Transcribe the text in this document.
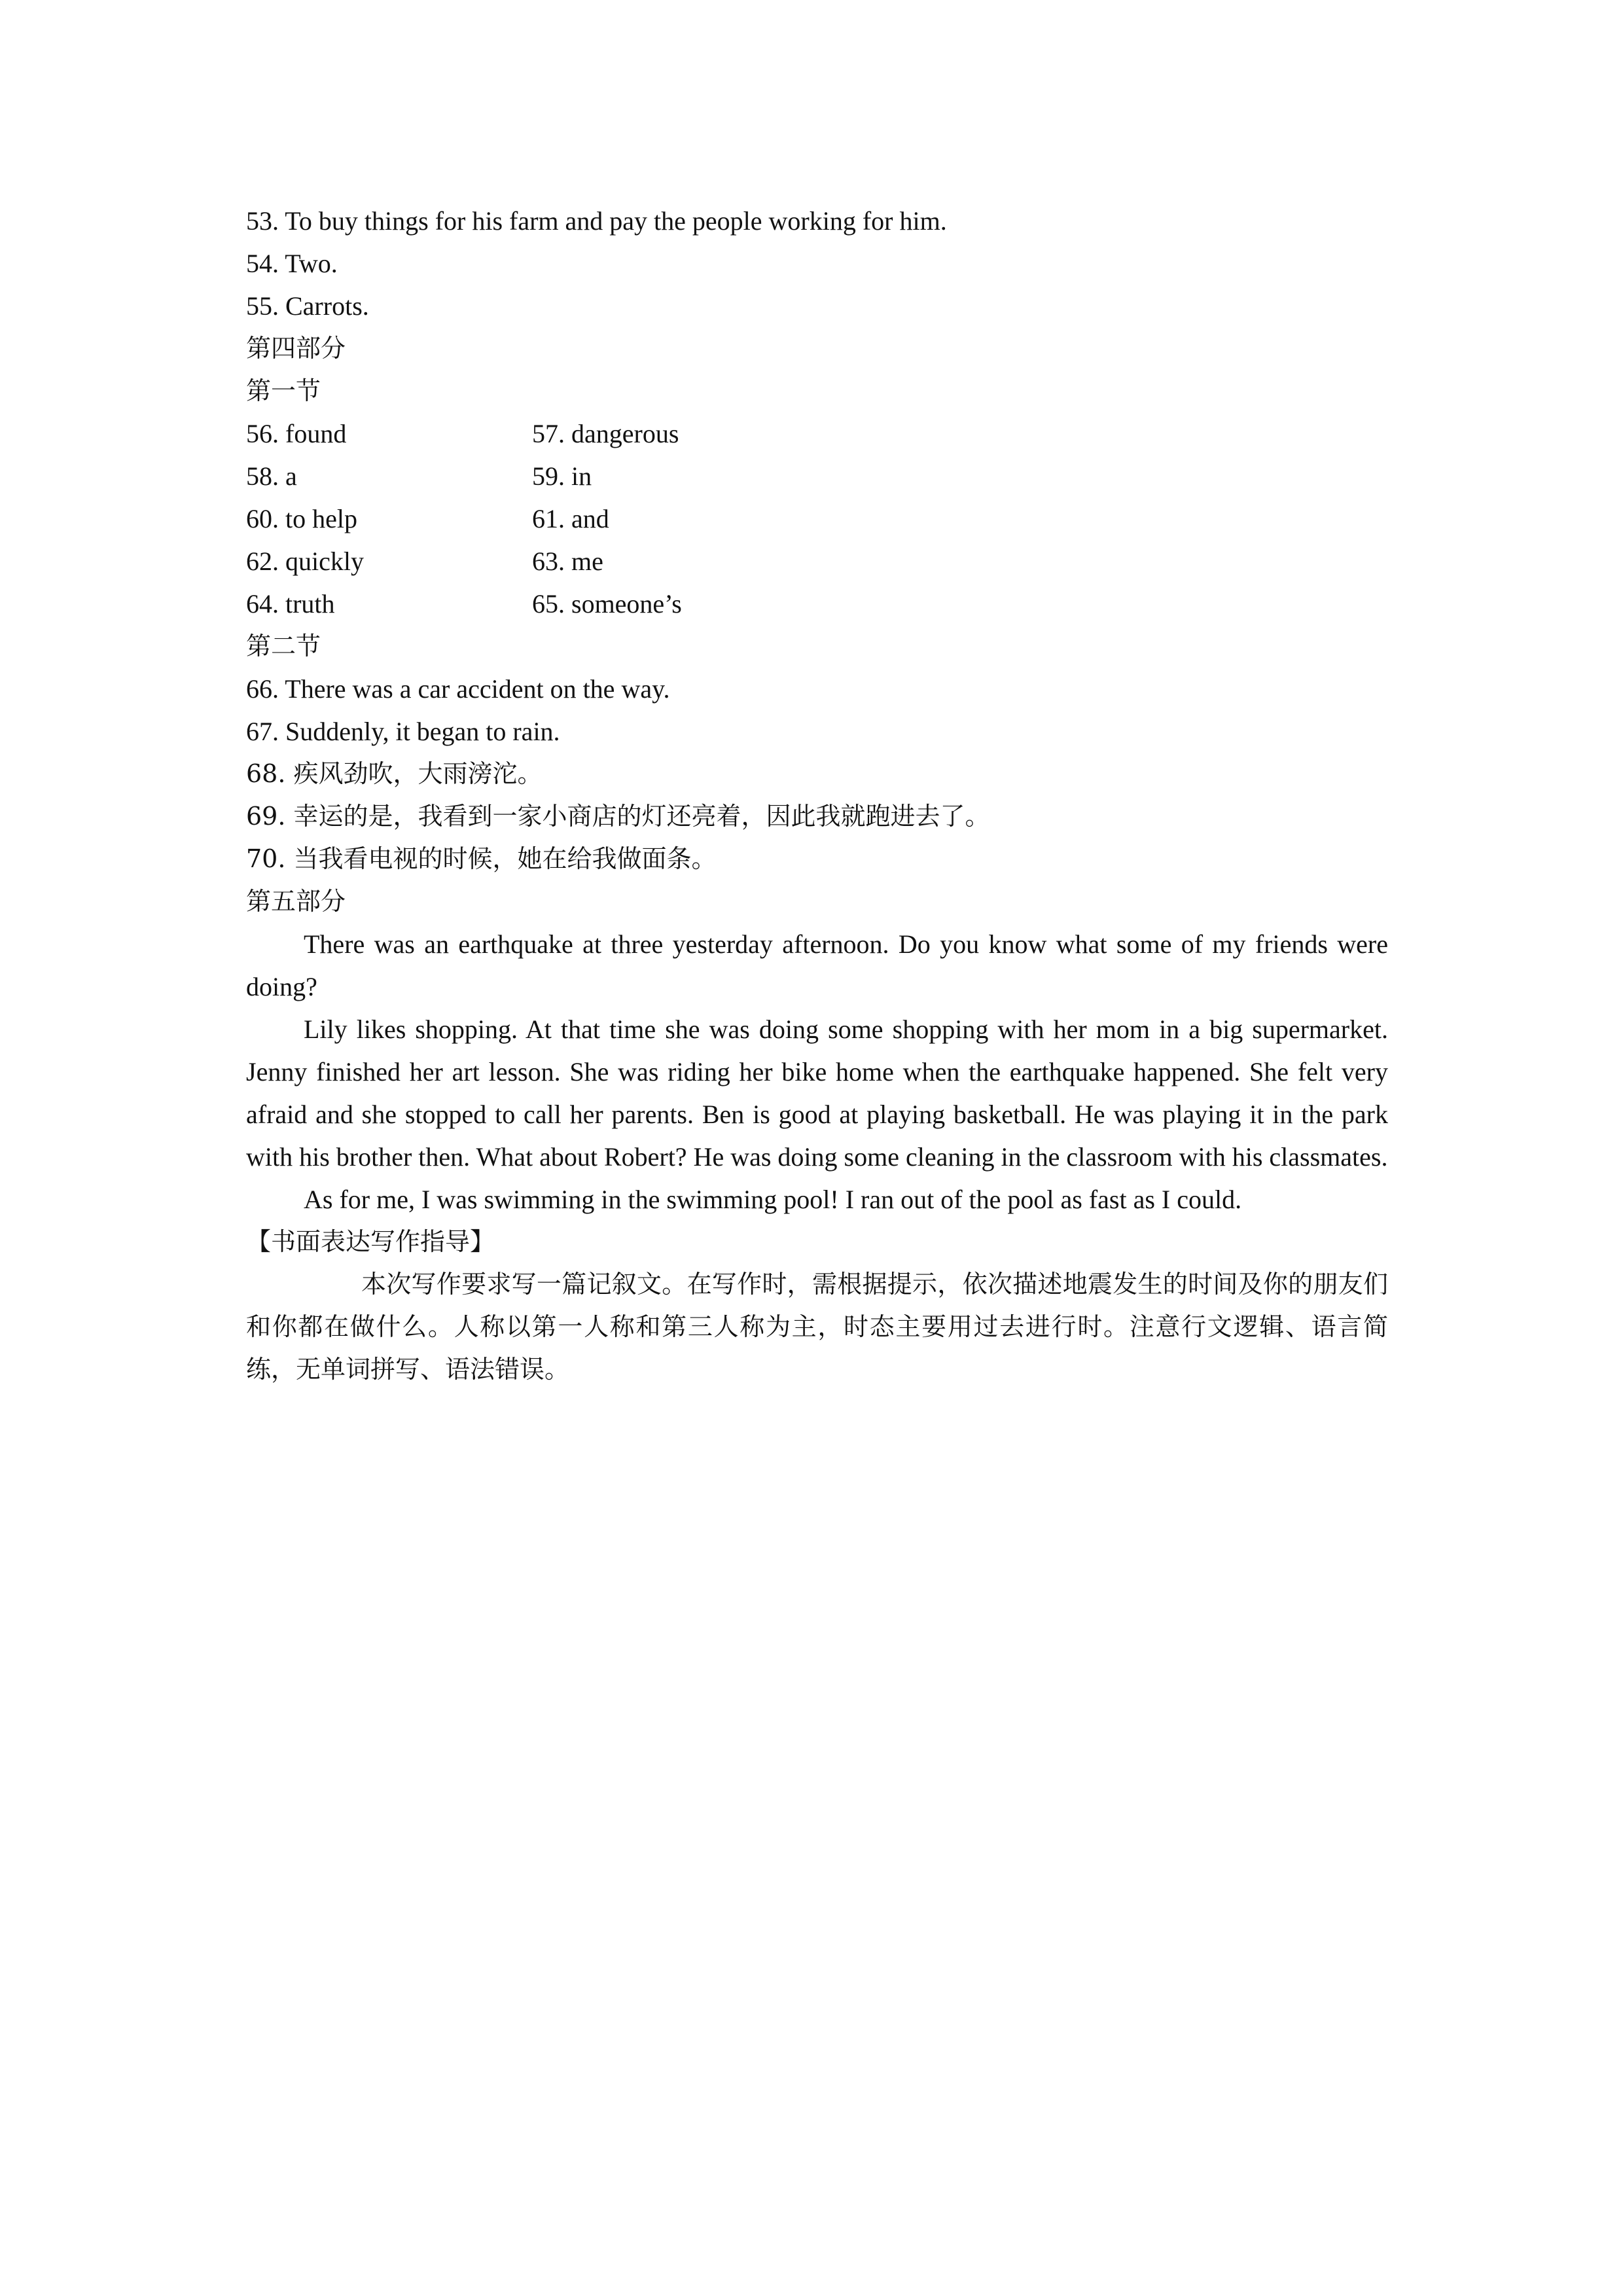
53. To buy things for his farm and pay the people working for him.
54. Two.
55. Carrots.
第四部分
第一节
56. found	57. dangerous
58. a	59. in
60. to help	61. and
62. quickly	63. me
64. truth	65. someone’s
第二节
66. There was a car accident on the way.
67. Suddenly, it began to rain.
68. 疾风劲吹，大雨滂沱。
69. 幸运的是，我看到一家小商店的灯还亮着，因此我就跑进去了。
70. 当我看电视的时候，她在给我做面条。
第五部分
There was an earthquake at three yesterday afternoon. Do you know what some of my friends were doing?
Lily likes shopping. At that time she was doing some shopping with her mom in a big supermarket. Jenny finished her art lesson. She was riding her bike home when the earthquake happened. She felt very afraid and she stopped to call her parents. Ben is good at playing basketball. He was playing it in the park with his brother then. What about Robert? He was doing some cleaning in the classroom with his classmates.
As for me, I was swimming in the swimming pool! I ran out of the pool as fast as I could.
【书面表达写作指导】
本次写作要求写一篇记叙文。在写作时，需根据提示，依次描述地震发生的时间及你的朋友们和你都在做什么。人称以第一人称和第三人称为主，时态主要用过去进行时。注意行文逻辑、语言简练，无单词拼写、语法错误。
